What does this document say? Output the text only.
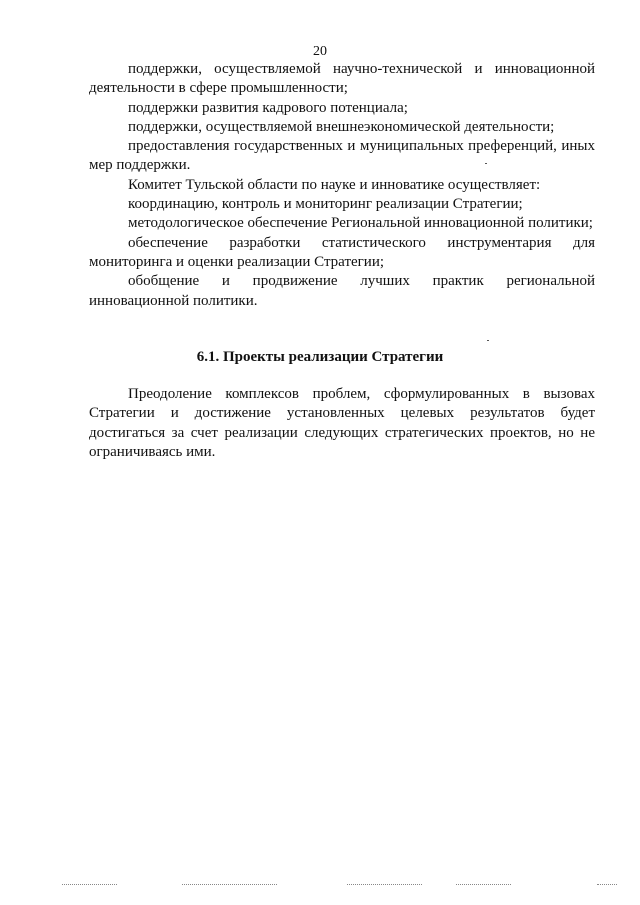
20

поддержки, осуществляемой научно-технической и инновационной деятельности в сфере промышленности;

поддержки развития кадрового потенциала;

поддержки, осуществляемой внешнеэкономической деятельности;

предоставления государственных и муниципальных преференций, иных мер поддержки.

Комитет Тульской области по науке и инноватике осуществляет:

координацию, контроль и мониторинг реализации Стратегии;

методологическое обеспечение Региональной инновационной политики;

обеспечение разработки статистического инструментария для мониторинга и оценки реализации Стратегии;

обобщение и продвижение лучших практик региональной инновационной политики.

6.1. Проекты реализации Стратегии

Преодоление комплексов проблем, сформулированных в вызовах Стратегии и достижение установленных целевых результатов будет достигаться за счет реализации следующих стратегических проектов, но не ограничиваясь ими.
